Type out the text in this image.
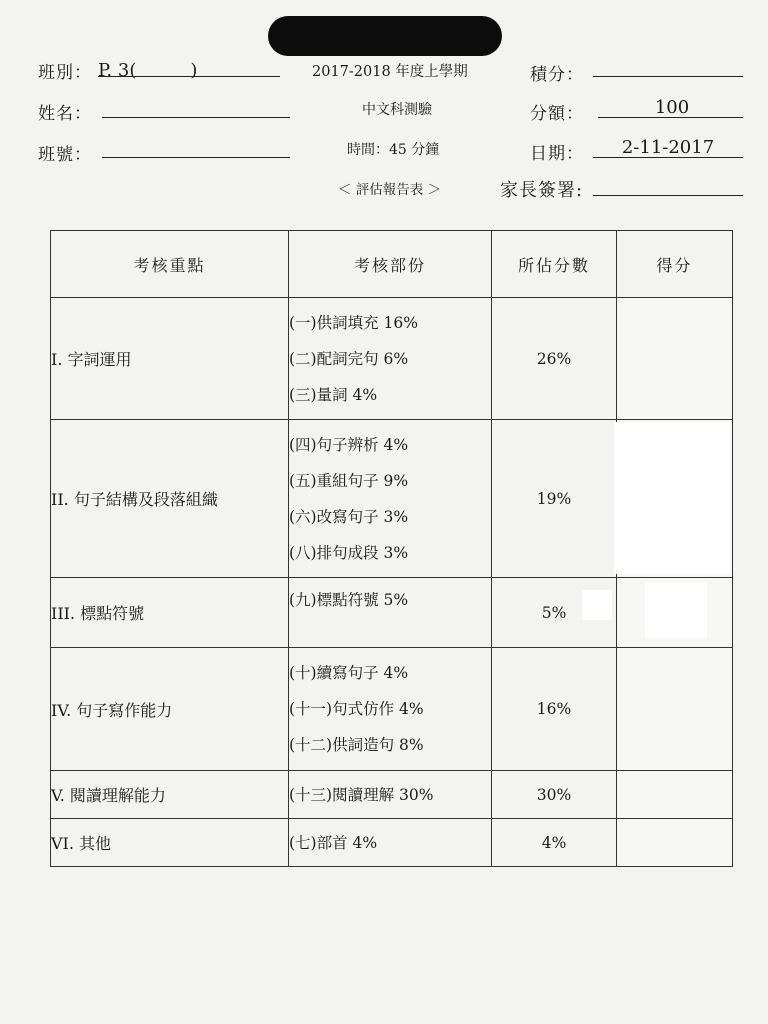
班別： P. 3(　　　)
姓名：
班號：
2017-2018 年度上學期
中文科測驗
時間：45 分鐘
＜ 評估報告表 ＞
積分：
分額：	100
日期：	2-11-2017
家長簽署:
考核重點	考核部份	所佔分數	得分
I. 字詞運用	(一)供詞填充 16%
(二)配詞完句 6%
(三)量詞 4%	26%	
II. 句子結構及段落組織	(四)句子辨析 4%
(五)重組句子 9%
(六)改寫句子 3%
(八)排句成段 3%	19%	
III. 標點符號	(九)標點符號 5%	5%	
IV. 句子寫作能力	(十)續寫句子 4%
(十一)句式仿作 4%
(十二)供詞造句 8%	16%	
V. 閱讀理解能力	(十三)閱讀理解 30%	30%	
VI. 其他	(七)部首 4%	4%	
